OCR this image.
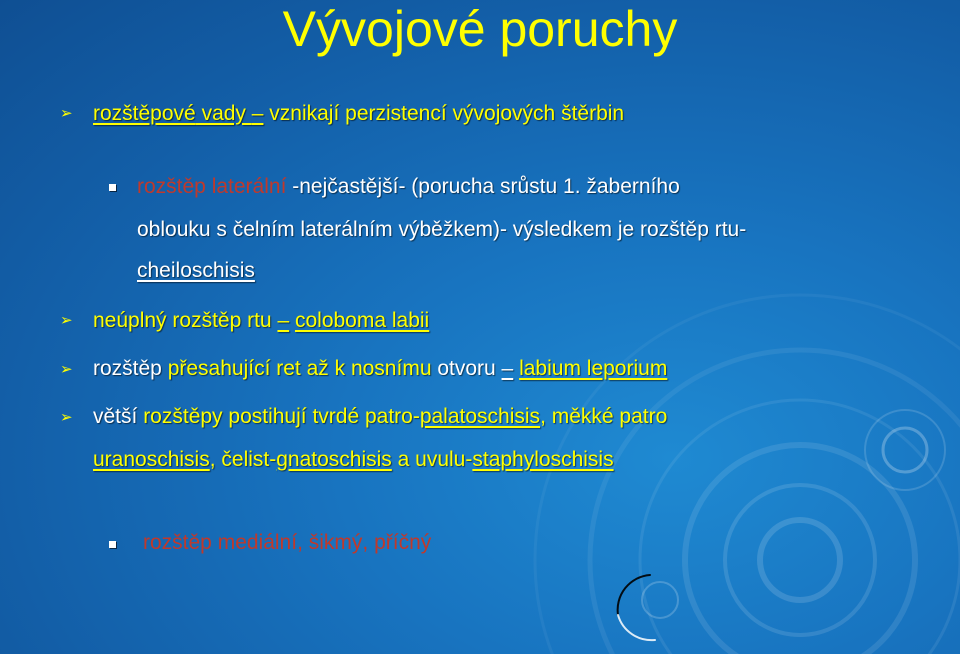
Vývojové poruchy
➢ rozštěpové vady – vznikají perzistencí vývojových štěrbin
rozštěp laterální -nejčastější- (porucha srůstu 1. žaberního
oblouku s čelním laterálním výběžkem)- výsledkem je rozštěp rtu-
cheiloschisis
➢ neúplný rozštěp rtu – coloboma labii
➢ rozštěp přesahující ret až k nosnímu otvoru – labium leporium
➢ větší rozštěpy postihují tvrdé patro-palatoschisis, měkké patro
uranoschisis, čelist-gnatoschisis a uvulu-staphyloschisis
rozštěp mediální, šikmý, příčný
